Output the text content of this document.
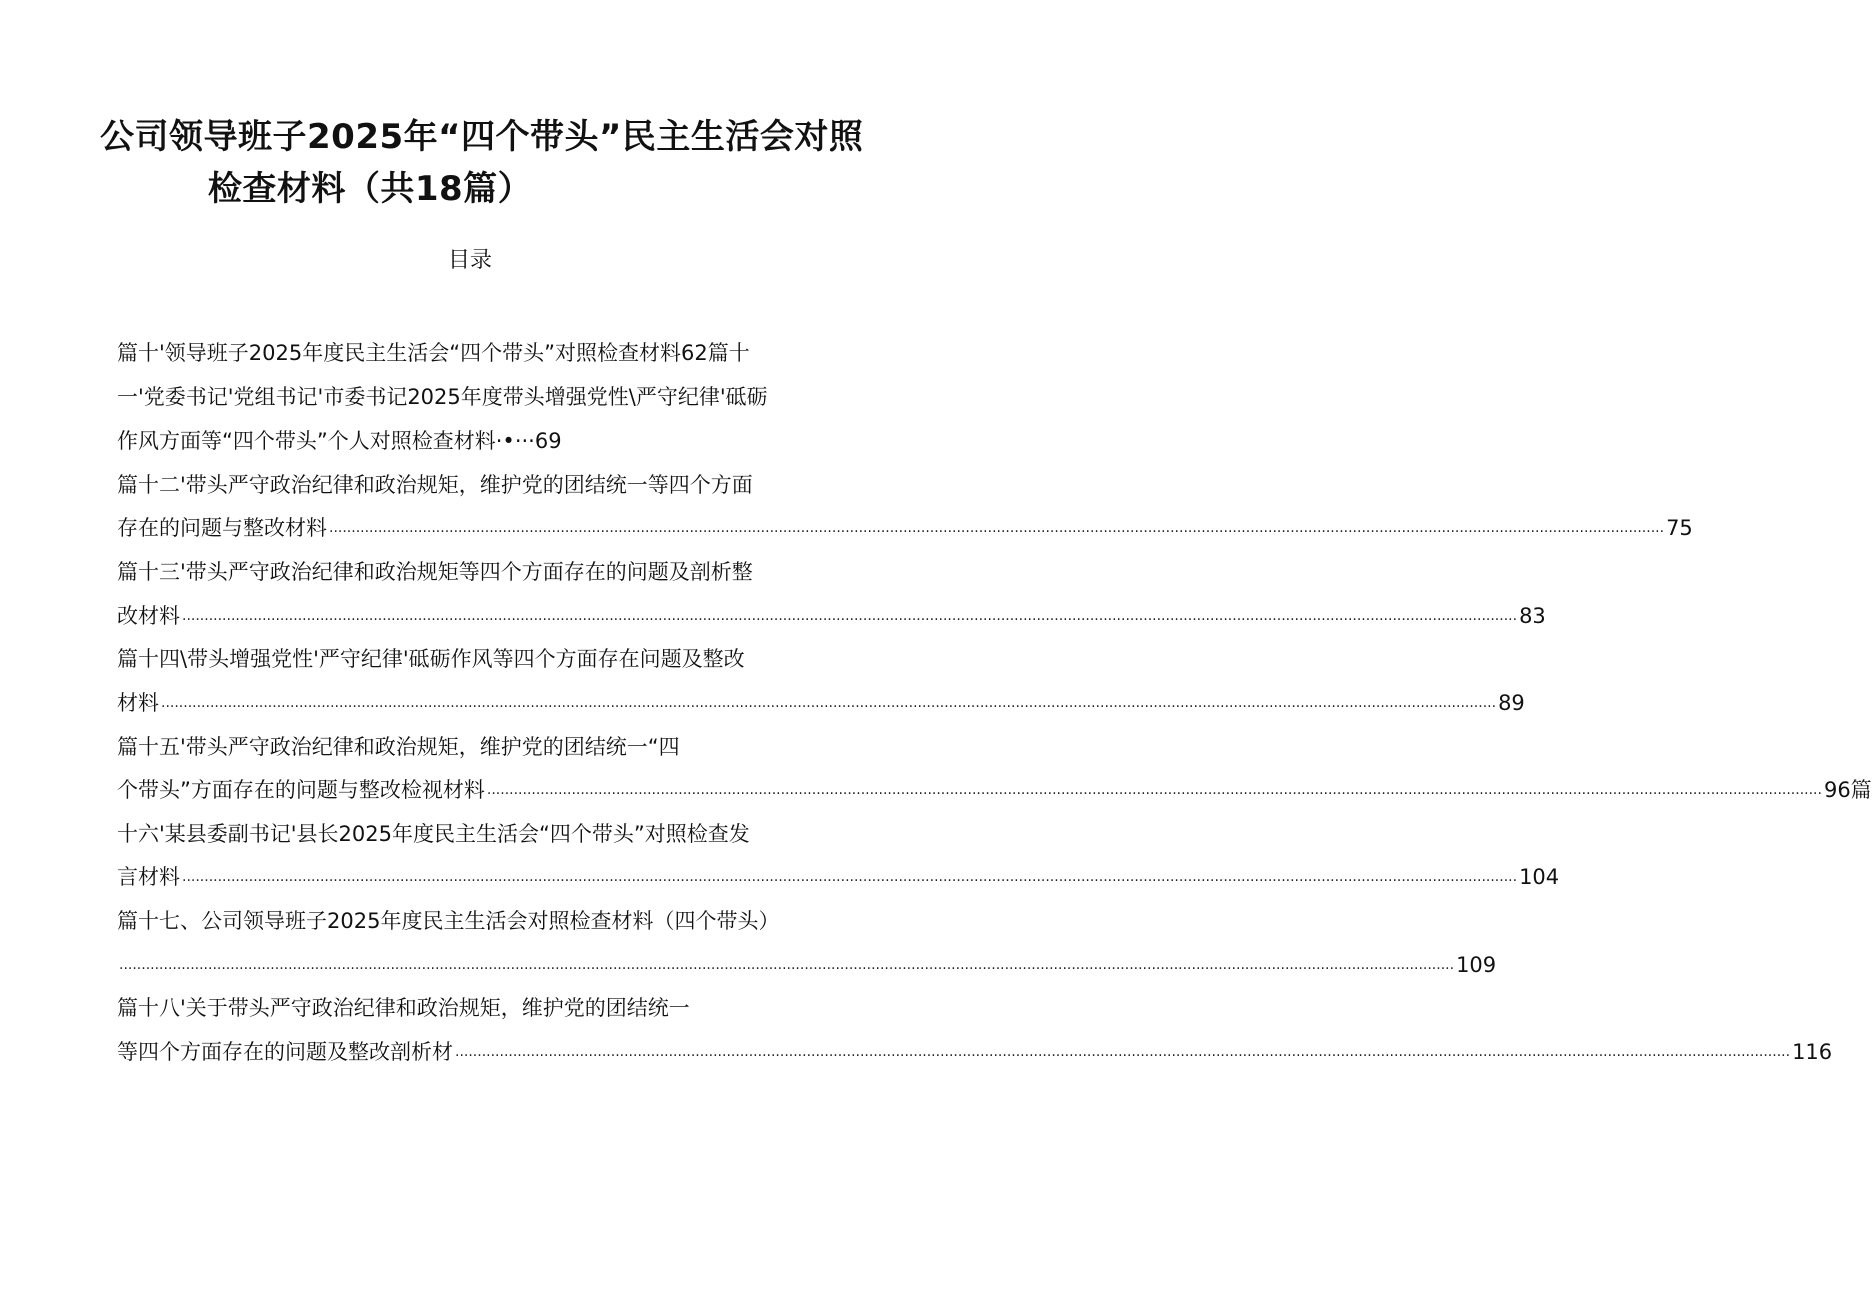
公司领导班子2025年“四个带头”民主生活会对照
检查材料（共18篇）
目录
篇十'领导班子2025年度民主生活会“四个带头”对照检查材料62篇十
一'党委书记'党组书记'市委书记2025年度带头增强党性\严守纪律'砥砺
作风方面等“四个带头”个人对照检查材料·•···69
篇十二'带头严守政治纪律和政治规矩，维护党的团结统一等四个方面
存在的问题与整改材料 ............................................................................................................................................................................................................................................................................................................ 75
篇十三'带头严守政治纪律和政治规矩等四个方面存在的问题及剖析整
改材料 ............................................................................................................................................................................................................................................................................................................ 83
篇十四\带头增强党性'严守纪律'砥砺作风等四个方面存在问题及整改
材料 ............................................................................................................................................................................................................................................................................................................ 89
篇十五'带头严守政治纪律和政治规矩，维护党的团结统一“四
个带头”方面存在的问题与整改检视材料 ............................................................................................................................................................................................................................................................................................................ 96篇
十六'某县委副书记'县长2025年度民主生活会“四个带头”对照检查发
言材料 ............................................................................................................................................................................................................................................................................................................ 104
篇十七、公司领导班子2025年度民主生活会对照检查材料（四个带头）
............................................................................................................................................................................................................................................................................................................ 109
篇十八'关于带头严守政治纪律和政治规矩，维护党的团结统一
等四个方面存在的问题及整改剖析材 ............................................................................................................................................................................................................................................................................................................ 116
